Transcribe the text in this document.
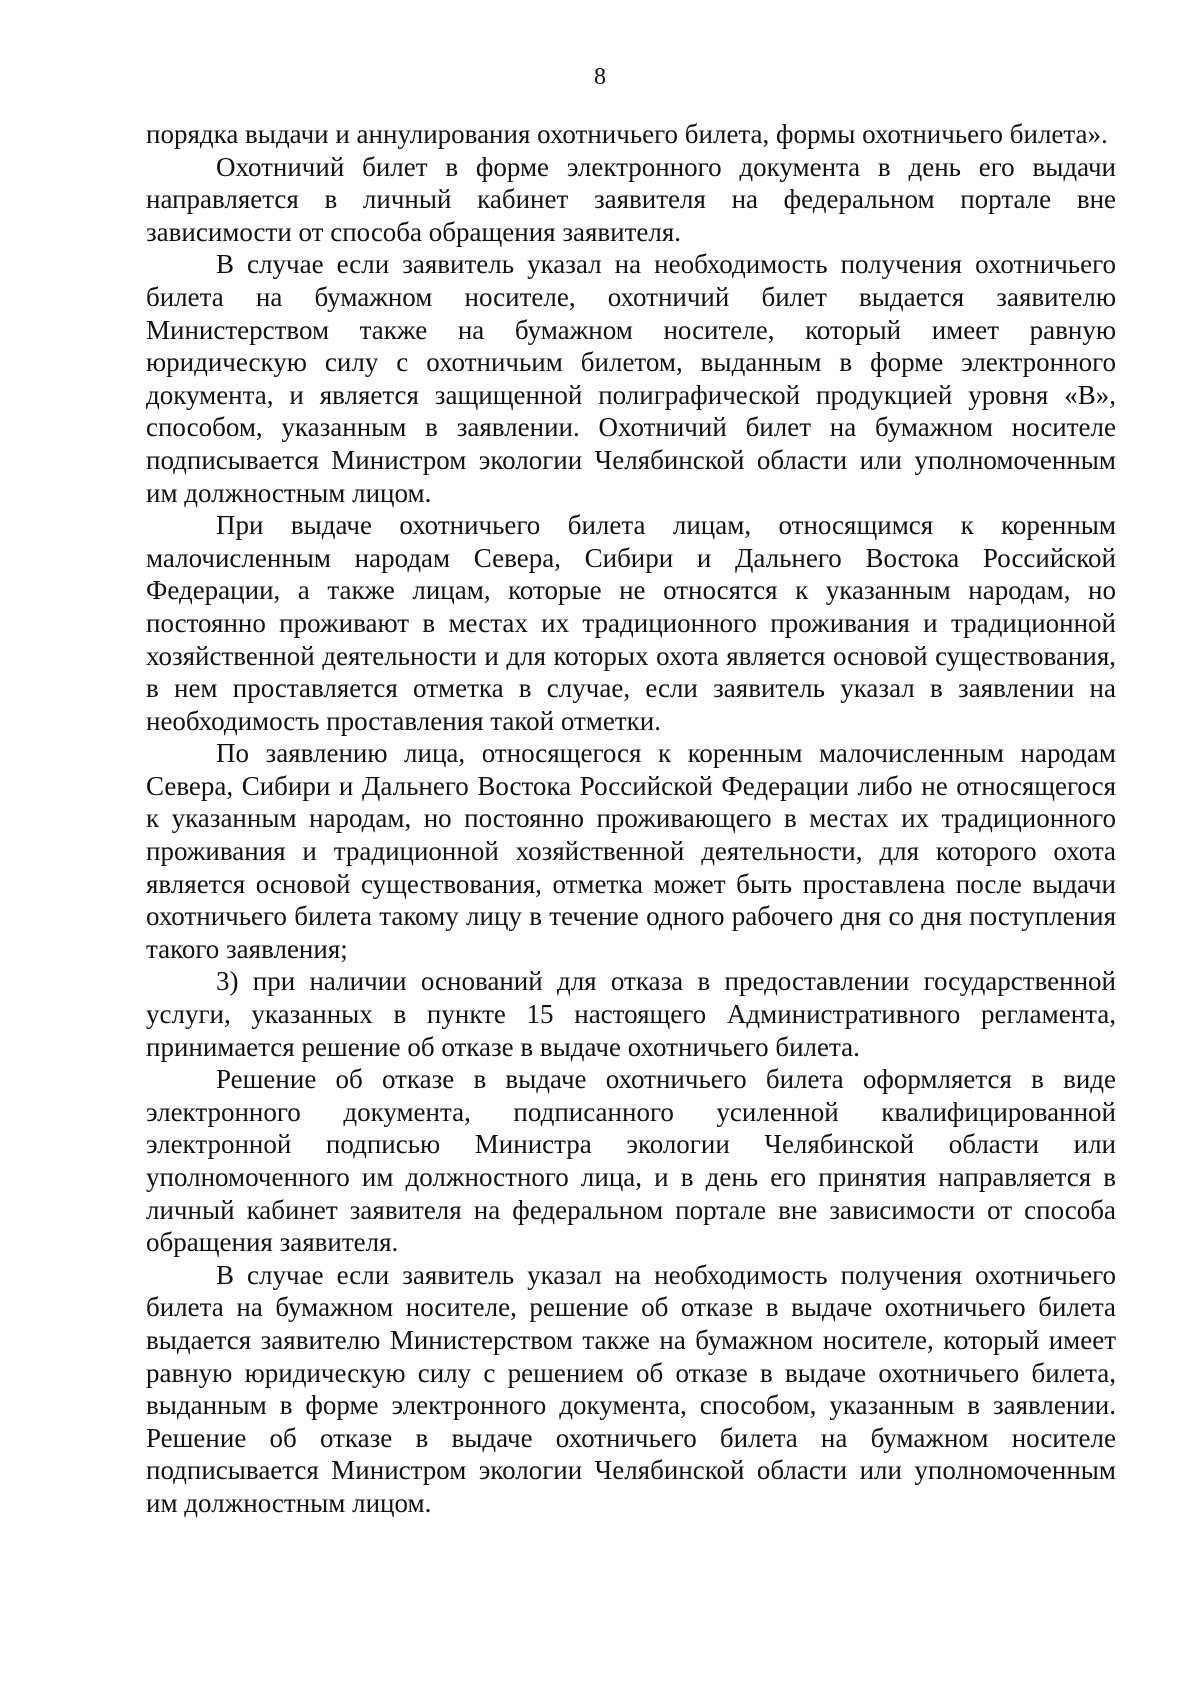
8

порядка выдачи и аннулирования охотничьего билета, формы охотничьего билета».

Охотничий билет в форме электронного документа в день его выдачи направляется в личный кабинет заявителя на федеральном портале вне зависимости от способа обращения заявителя.

В случае если заявитель указал на необходимость получения охотничьего билета на бумажном носителе, охотничий билет выдается заявителю Министерством также на бумажном носителе, который имеет равную юридическую силу с охотничьим билетом, выданным в форме электронного документа, и является защищенной полиграфической продукцией уровня «В», способом, указанным в заявлении. Охотничий билет на бумажном носителе подписывается Министром экологии Челябинской области или уполномоченным им должностным лицом.

При выдаче охотничьего билета лицам, относящимся к коренным малочисленным народам Севера, Сибири и Дальнего Востока Российской Федерации, а также лицам, которые не относятся к указанным народам, но постоянно проживают в местах их традиционного проживания и традиционной хозяйственной деятельности и для которых охота является основой существования, в нем проставляется отметка в случае, если заявитель указал в заявлении на необходимость проставления такой отметки.

По заявлению лица, относящегося к коренным малочисленным народам Севера, Сибири и Дальнего Востока Российской Федерации либо не относящегося к указанным народам, но постоянно проживающего в местах их традиционного проживания и традиционной хозяйственной деятельности, для которого охота является основой существования, отметка может быть проставлена после выдачи охотничьего билета такому лицу в течение одного рабочего дня со дня поступления такого заявления;

3) при наличии оснований для отказа в предоставлении государственной услуги, указанных в пункте 15 настоящего Административного регламента, принимается решение об отказе в выдаче охотничьего билета.

Решение об отказе в выдаче охотничьего билета оформляется в виде электронного документа, подписанного усиленной квалифицированной электронной подписью Министра экологии Челябинской области или уполномоченного им должностного лица, и в день его принятия направляется в личный кабинет заявителя на федеральном портале вне зависимости от способа обращения заявителя.

В случае если заявитель указал на необходимость получения охотничьего билета на бумажном носителе, решение об отказе в выдаче охотничьего билета выдается заявителю Министерством также на бумажном носителе, который имеет равную юридическую силу с решением об отказе в выдаче охотничьего билета, выданным в форме электронного документа, способом, указанным в заявлении. Решение об отказе в выдаче охотничьего билета на бумажном носителе подписывается Министром экологии Челябинской области или уполномоченным им должностным лицом.
